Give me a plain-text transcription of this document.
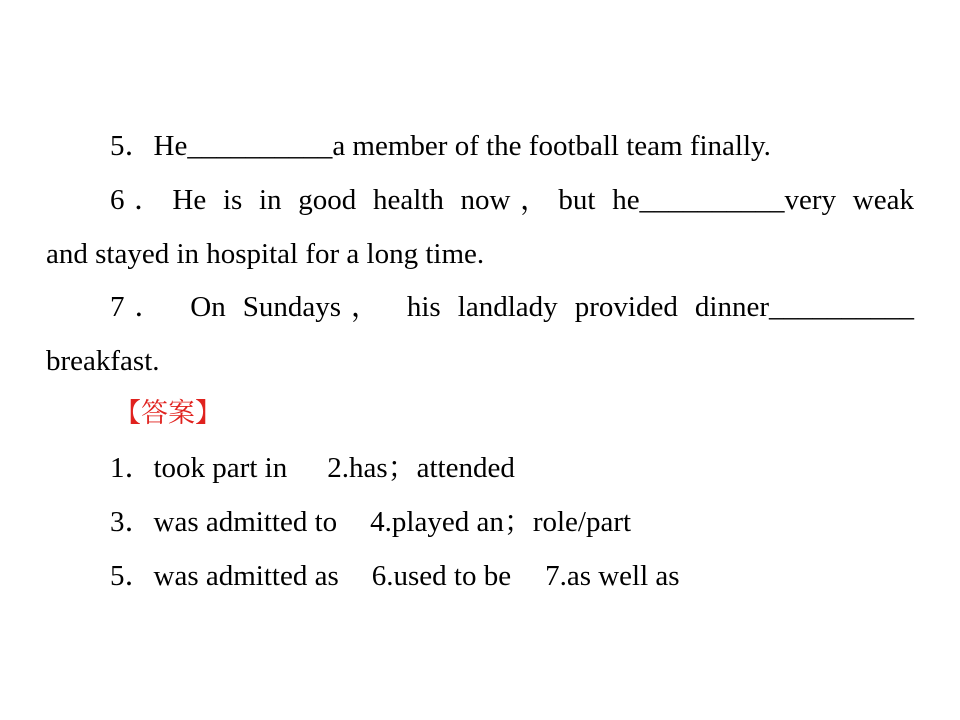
5．He__________a member of the football team finally.
6．He is in good health now，but he__________very weak
and stayed in hospital for a long time.
7． On Sundays， his landlady provided dinner__________
breakfast.
【答案】
1．took part in 2.has；attended
3．was admitted to 4.played an；role/part
5．was admitted as 6.used to be 7.as well as
